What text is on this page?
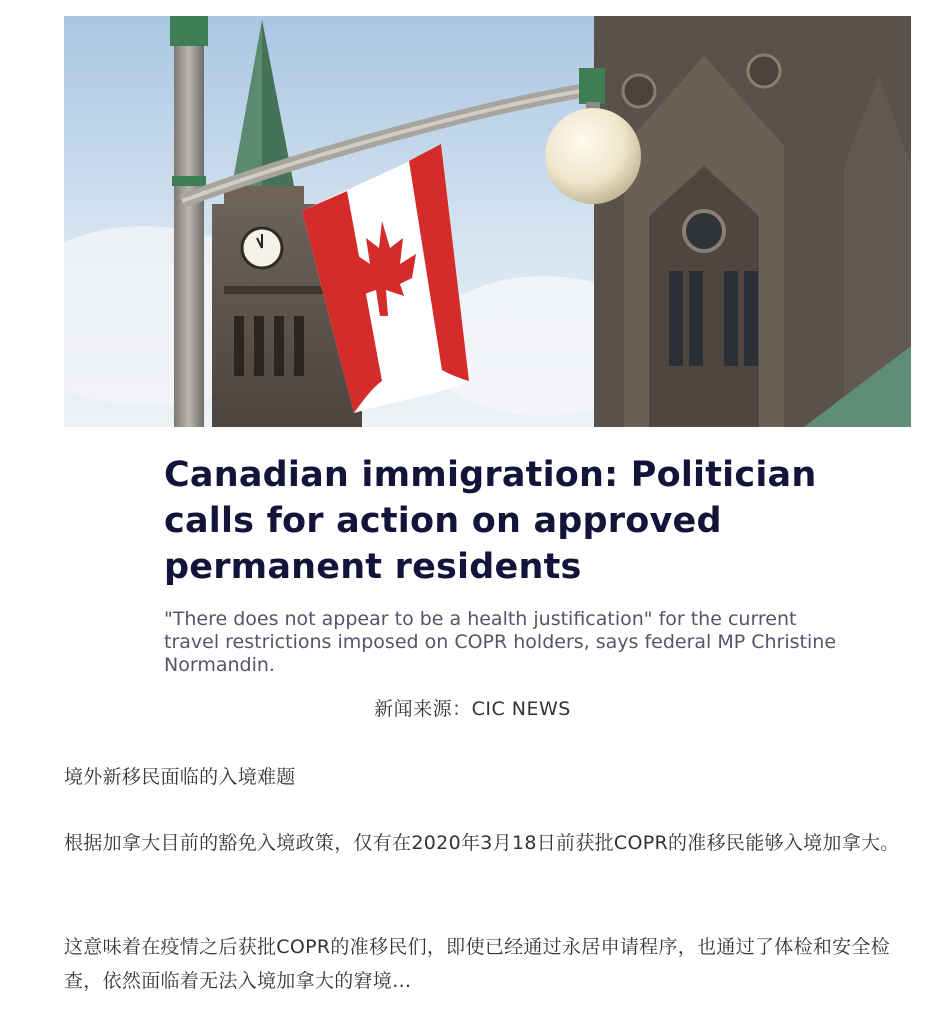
Canadian immigration: Politician calls for action on approved permanent residents

"There does not appear to be a health justification" for the current travel restrictions imposed on COPR holders, says federal MP Christine Normandin.

新闻来源：CIC NEWS

境外新移民面临的入境难题

根据加拿大目前的豁免入境政策，仅有在2020年3月18日前获批COPR的准移民能够入境加拿大。

这意味着在疫情之后获批COPR的准移民们，即使已经通过永居申请程序，也通过了体检和安全检查，依然面临着无法入境加拿大的窘境…
